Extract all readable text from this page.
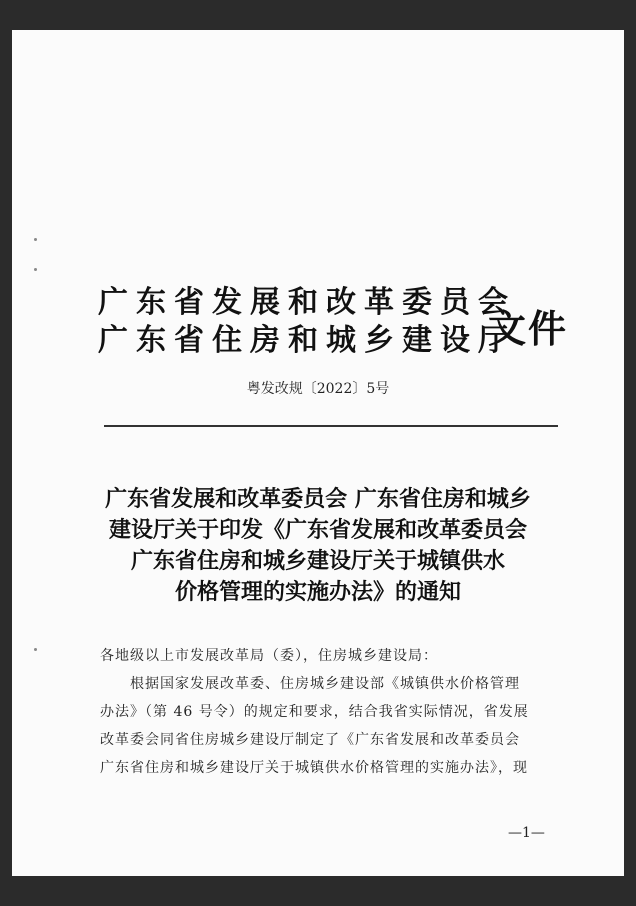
广东省发展和改革委员会
广东省住房和城乡建设厅
文件
粤发改规〔2022〕5号
广东省发展和改革委员会 广东省住房和城乡
建设厅关于印发《广东省发展和改革委员会
广东省住房和城乡建设厅关于城镇供水
价格管理的实施办法》的通知
各地级以上市发展改革局（委），住房城乡建设局：
根据国家发展改革委、住房城乡建设部《城镇供水价格管理
办法》（第 46 号令）的规定和要求，结合我省实际情况，省发展
改革委会同省住房城乡建设厅制定了《广东省发展和改革委员会
广东省住房和城乡建设厅关于城镇供水价格管理的实施办法》，现
—1—
